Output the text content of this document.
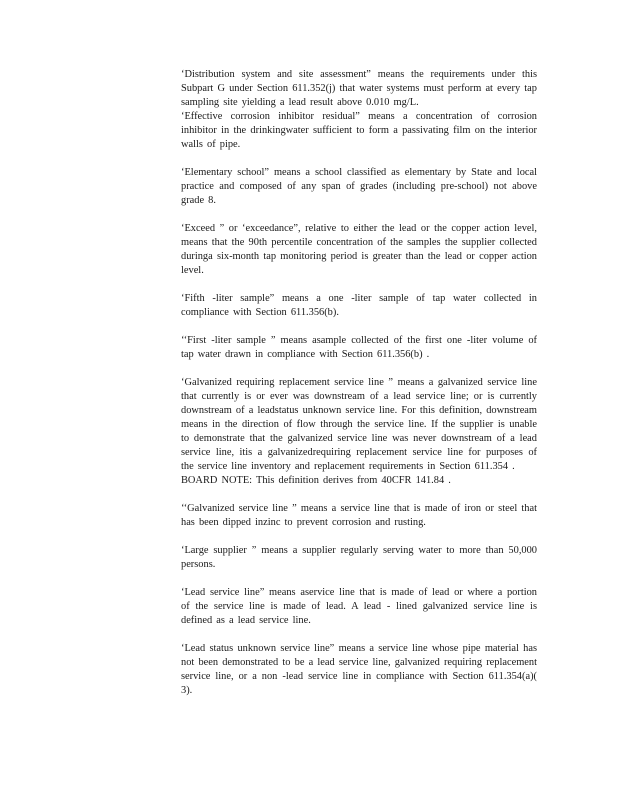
‘Distribution system and site assessment” means the requirements under this Subpart G under Section 611.352(j) that water systems must perform at every tap sampling site yielding a lead result above 0.010 mg/L.

‘Effective corrosion inhibitor residual” means a concentration of corrosion inhibitor in the drinkingwater sufficient to form a passivating film on the interior walls of pipe.

‘Elementary school” means a school classified as elementary by State and local practice and composed of any span of grades (including pre-school) not above grade 8.

‘Exceed ” or ‘exceedance”, relative to either the lead or the copper action level, means that the 90th percentile concentration of the samples the supplier collected duringa six-month tap monitoring period is greater than the lead or copper action level.

‘Fifth -liter sample” means a one -liter sample of tap water collected in compliance with Section 611.356(b).

‘‘First -liter sample ” means asample collected of the first one -liter volume of tap water drawn in compliance with Section 611.356(b) .

‘Galvanized requiring replacement service line ” means a galvanized service line that currently is or ever was downstream of a lead service line; or is currently downstream of a leadstatus unknown service line. For this definition, downstream means in the direction of flow through the service line. If the supplier is unable to demonstrate that the galvanized service line was never downstream of a lead service line, itis a galvanizedrequiring replacement service line for purposes of the service line inventory and replacement requirements in Section 611.354 .

BOARD NOTE: This definition derives from 40CFR 141.84 .

‘‘Galvanized service line ” means a service line that is made of iron or steel that has been dipped inzinc to prevent corrosion and rusting.

‘Large supplier ” means a supplier regularly serving water to more than 50,000 persons.

‘Lead service line” means aservice line that is made of lead or where a portion of the service line is made of lead. A lead - lined galvanized service line is defined as a lead service line.

‘Lead status unknown service line” means a service line whose pipe material has not been demonstrated to be a lead service line, galvanized requiring replacement service line, or a non -lead service line in compliance with Section 611.354(a)( 3).
